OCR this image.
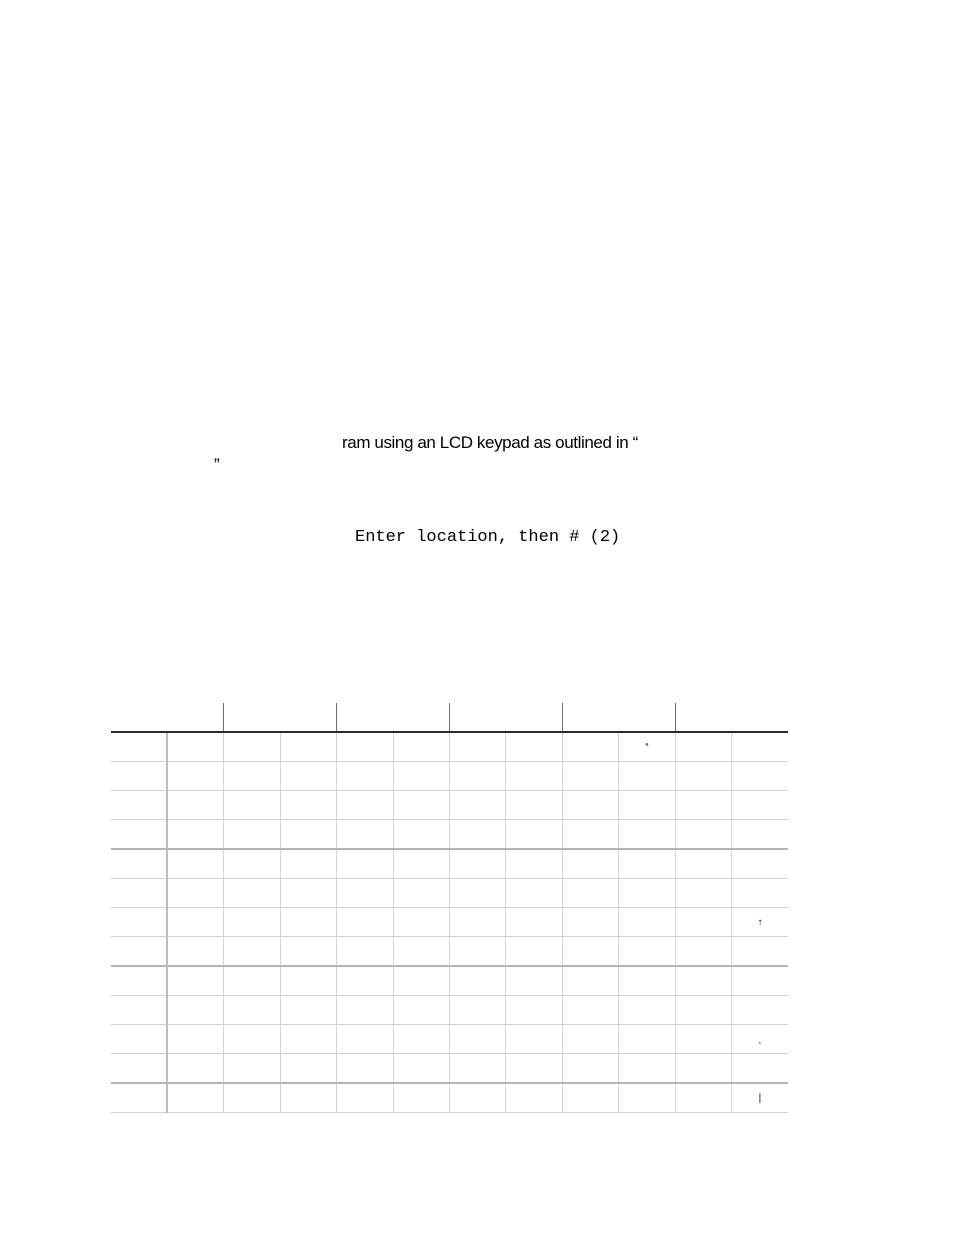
ram using an LCD keypad as outlined in “
”
Enter location, then # (2)

									“		

											↑

											ˎ

											|
